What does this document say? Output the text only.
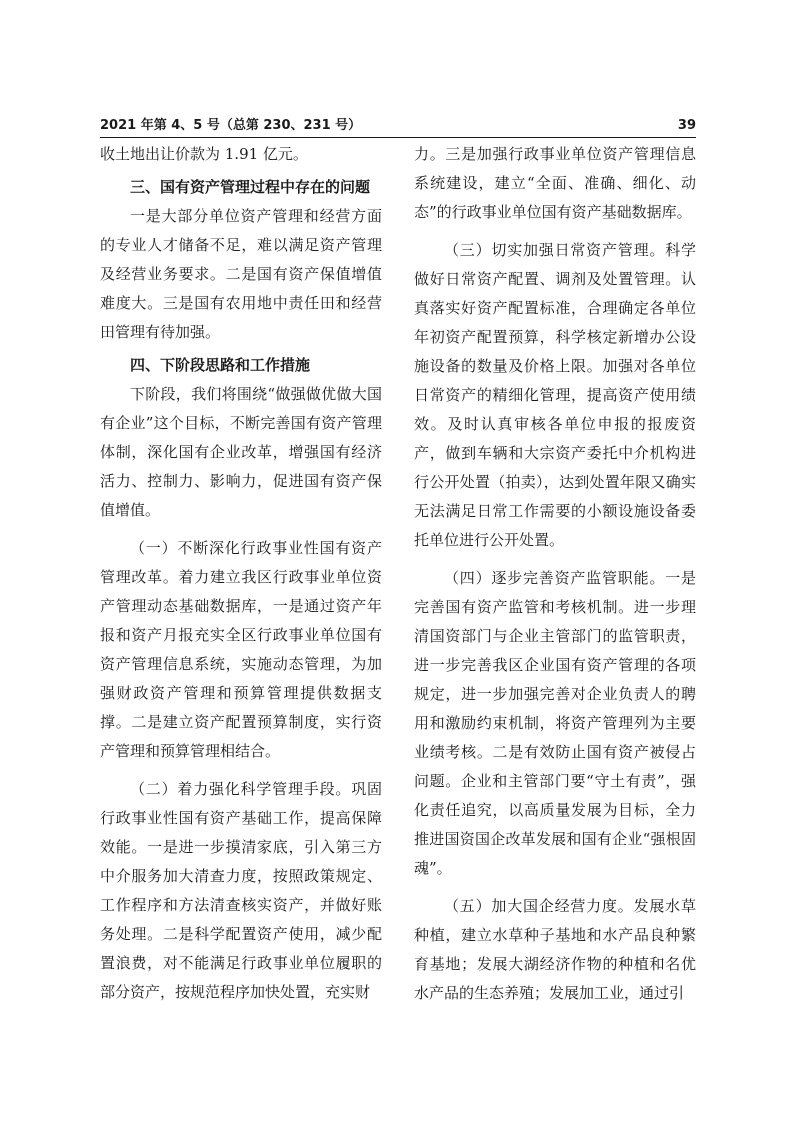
2021 年第 4、5 号（总第 230、231 号）	39

收土地出让价款为 1.91 亿元。

三、国有资产管理过程中存在的问题

一是大部分单位资产管理和经营方面的专业人才储备不足，难以满足资产管理及经营业务要求。二是国有资产保值增值难度大。三是国有农用地中责任田和经营田管理有待加强。

四、下阶段思路和工作措施

下阶段，我们将围绕“做强做优做大国有企业”这个目标，不断完善国有资产管理体制，深化国有企业改革，增强国有经济活力、控制力、影响力，促进国有资产保值增值。

（一）不断深化行政事业性国有资产管理改革。着力建立我区行政事业单位资产管理动态基础数据库，一是通过资产年报和资产月报充实全区行政事业单位国有资产管理信息系统，实施动态管理，为加强财政资产管理和预算管理提供数据支撑。二是建立资产配置预算制度，实行资产管理和预算管理相结合。

（二）着力强化科学管理手段。巩固行政事业性国有资产基础工作，提高保障效能。一是进一步摸清家底，引入第三方中介服务加大清查力度，按照政策规定、工作程序和方法清查核实资产，并做好账务处理。二是科学配置资产使用，减少配置浪费，对不能满足行政事业单位履职的部分资产，按规范程序加快处置，充实财

力。三是加强行政事业单位资产管理信息系统建设，建立“全面、准确、细化、动态”的行政事业单位国有资产基础数据库。

（三）切实加强日常资产管理。科学做好日常资产配置、调剂及处置管理。认真落实好资产配置标准，合理确定各单位年初资产配置预算，科学核定新增办公设施设备的数量及价格上限。加强对各单位日常资产的精细化管理，提高资产使用绩效。及时认真审核各单位申报的报废资产，做到车辆和大宗资产委托中介机构进行公开处置（拍卖），达到处置年限又确实无法满足日常工作需要的小额设施设备委托单位进行公开处置。

（四）逐步完善资产监管职能。一是完善国有资产监管和考核机制。进一步理清国资部门与企业主管部门的监管职责，进一步完善我区企业国有资产管理的各项规定，进一步加强完善对企业负责人的聘用和激励约束机制，将资产管理列为主要业绩考核。二是有效防止国有资产被侵占问题。企业和主管部门要“守土有责”，强化责任追究，以高质量发展为目标，全力推进国资国企改革发展和国有企业“强根固魂”。

（五）加大国企经营力度。发展水草种植，建立水草种子基地和水产品良种繁育基地；发展大湖经济作物的种植和名优水产品的生态养殖；发展加工业，通过引
